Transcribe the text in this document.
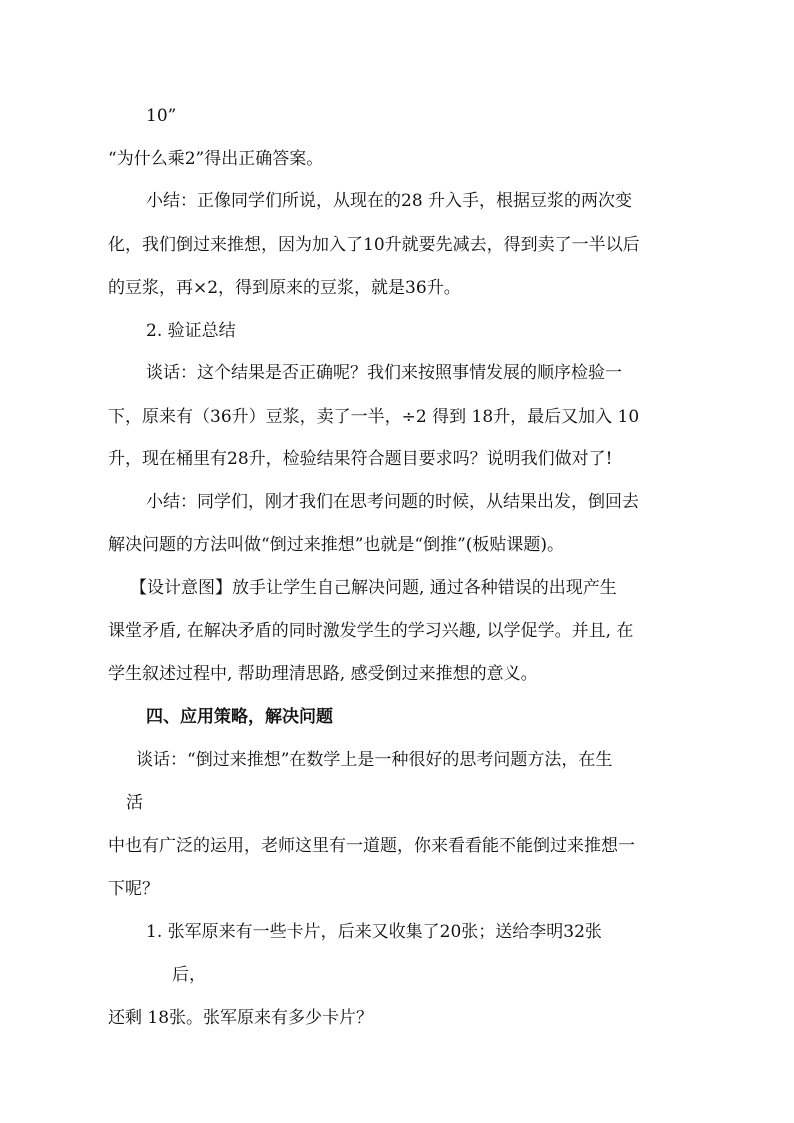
10”

“为什么乘2”得出正确答案。

小结：正像同学们所说，从现在的28 升入手，根据豆浆的两次变

化，我们倒过来推想，因为加入了10升就要先减去，得到卖了一半以后

的豆浆，再×2，得到原来的豆浆，就是36升。

2. 验证总结

谈话：这个结果是否正确呢？我们来按照事情发展的顺序检验一

下，原来有（36升）豆浆，卖了一半，÷2 得到 18升，最后又加入 10

升，现在桶里有28升，检验结果符合题目要求吗？说明我们做对了!

小结：同学们，刚才我们在思考问题的时候，从结果出发，倒回去

解决问题的方法叫做“倒过来推想”也就是“倒推”(板贴课题)。

【设计意图】放手让学生自己解决问题, 通过各种错误的出现产生

课堂矛盾, 在解决矛盾的同时激发学生的学习兴趣, 以学促学。并且, 在

学生叙述过程中, 帮助理清思路, 感受倒过来推想的意义。

四、应用策略，解决问题

谈话：“倒过来推想”在数学上是一种很好的思考问题方法，在生

活

中也有广泛的运用，老师这里有一道题，你来看看能不能倒过来推想一

下呢？

1. 张军原来有一些卡片，后来又收集了20张；送给李明32张

后，

还剩 18张。张军原来有多少卡片？
